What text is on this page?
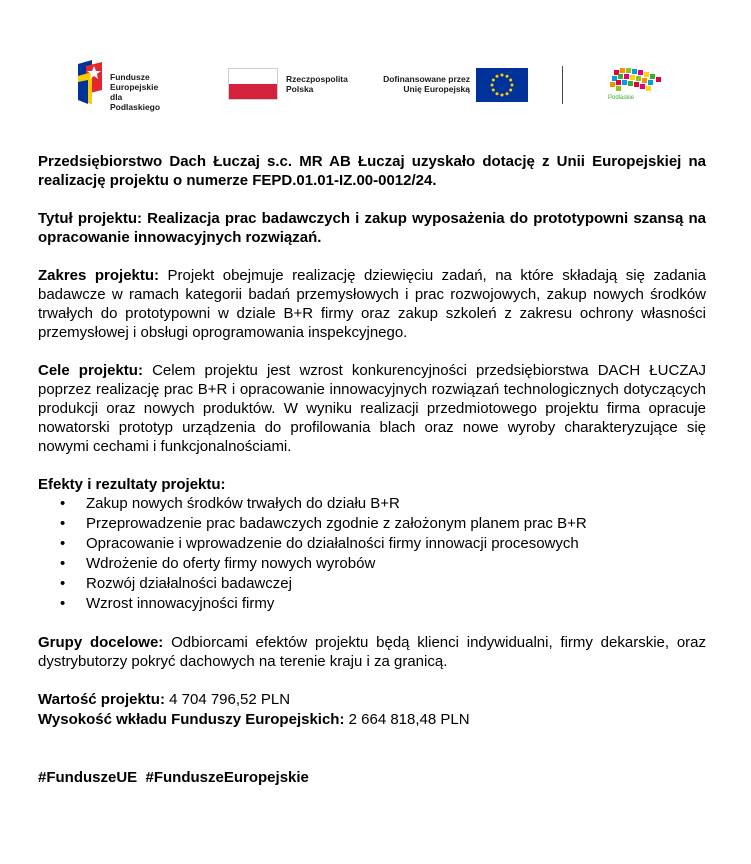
Fundusze Europejskie
dla Podlaskiego
Rzeczpospolita
Polska
Dofinansowane przez
Unię Europejską
Podlaskie

Przedsiębiorstwo Dach Łuczaj s.c. MR AB Łuczaj uzyskało dotację z Unii Europejskiej na realizację projektu o numerze FEPD.01.01-IZ.00-0012/24.

Tytuł projektu: Realizacja prac badawczych i zakup wyposażenia do prototypowni szansą na opracowanie innowacyjnych rozwiązań.

Zakres projektu: Projekt obejmuje realizację dziewięciu zadań, na które składają się zadania badawcze w ramach kategorii badań przemysłowych i prac rozwojowych, zakup nowych środków trwałych do prototypowni w dziale B+R firmy oraz zakup szkoleń z zakresu ochrony własności przemysłowej i obsługi oprogramowania inspekcyjnego.

Cele projektu: Celem projektu jest wzrost konkurencyjności przedsiębiorstwa DACH ŁUCZAJ poprzez realizację prac B+R i opracowanie innowacyjnych rozwiązań technologicznych dotyczących produkcji oraz nowych produktów. W wyniku realizacji przedmiotowego projektu firma opracuje nowatorski prototyp urządzenia do profilowania blach oraz nowe wyroby charakteryzujące się nowymi cechami i funkcjonalnościami.

Efekty i rezultaty projektu:
• Zakup nowych środków trwałych do działu B+R
• Przeprowadzenie prac badawczych zgodnie z założonym planem prac B+R
• Opracowanie i wprowadzenie do działalności firmy innowacji procesowych
• Wdrożenie do oferty firmy nowych wyrobów
• Rozwój działalności badawczej
• Wzrost innowacyjności firmy

Grupy docelowe: Odbiorcami efektów projektu będą klienci indywidualni, firmy dekarskie, oraz dystrybutorzy pokryć dachowych na terenie kraju i za granicą.

Wartość projektu: 4 704 796,52 PLN
Wysokość wkładu Funduszy Europejskich: 2 664 818,48 PLN
#FunduszeUE  #FunduszeEuropejskie
